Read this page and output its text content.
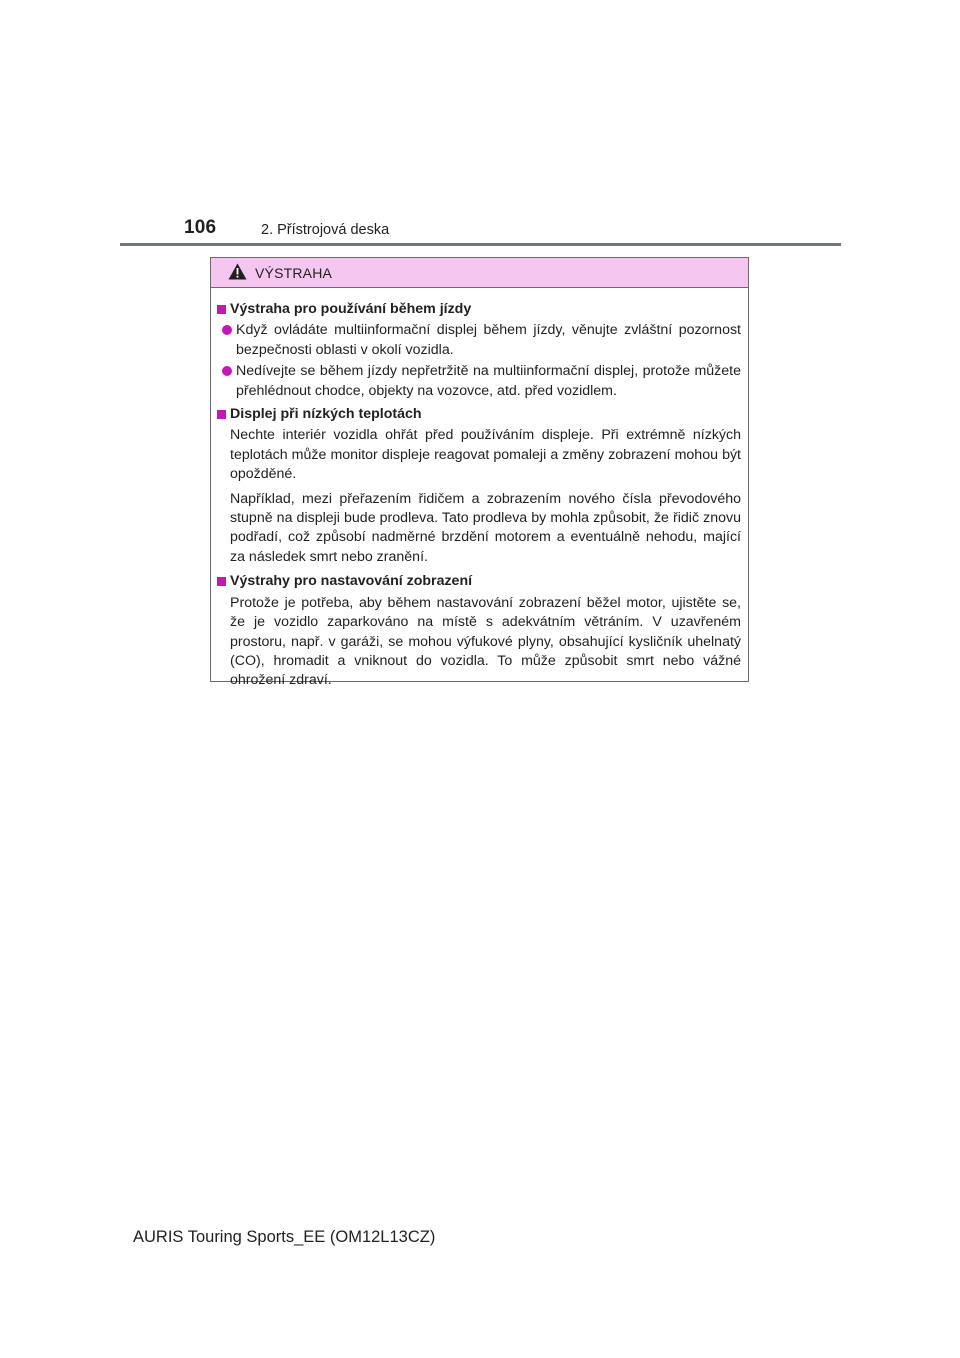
106	2. Přístrojová deska
VÝSTRAHA
Výstraha pro používání během jízdy
Když ovládáte multiinformační displej během jízdy, věnujte zvláštní pozornost bezpečnosti oblasti v okolí vozidla.
Nedívejte se během jízdy nepřetržitě na multiinformační displej, protože můžete přehlédnout chodce, objekty na vozovce, atd. před vozidlem.
Displej při nízkých teplotách
Nechte interiér vozidla ohřát před používáním displeje. Při extrémně nízkých teplotách může monitor displeje reagovat pomaleji a změny zobrazení mohou být opožděné.
Například, mezi přeřazením řidičem a zobrazením nového čísla převodového stupně na displeji bude prodleva. Tato prodleva by mohla způsobit, že řidič znovu podřadí, což způsobí nadměrné brzdění motorem a eventuálně nehodu, mající za následek smrt nebo zranění.
Výstrahy pro nastavování zobrazení
Protože je potřeba, aby během nastavování zobrazení běžel motor, ujistěte se, že je vozidlo zaparkováno na místě s adekvátním větráním. V uzavřeném prostoru, např. v garáži, se mohou výfukové plyny, obsahující kysličník uhelnatý (CO), hromadit a vniknout do vozidla. To může způsobit smrt nebo vážné ohrožení zdraví.
AURIS Touring Sports_EE (OM12L13CZ)
